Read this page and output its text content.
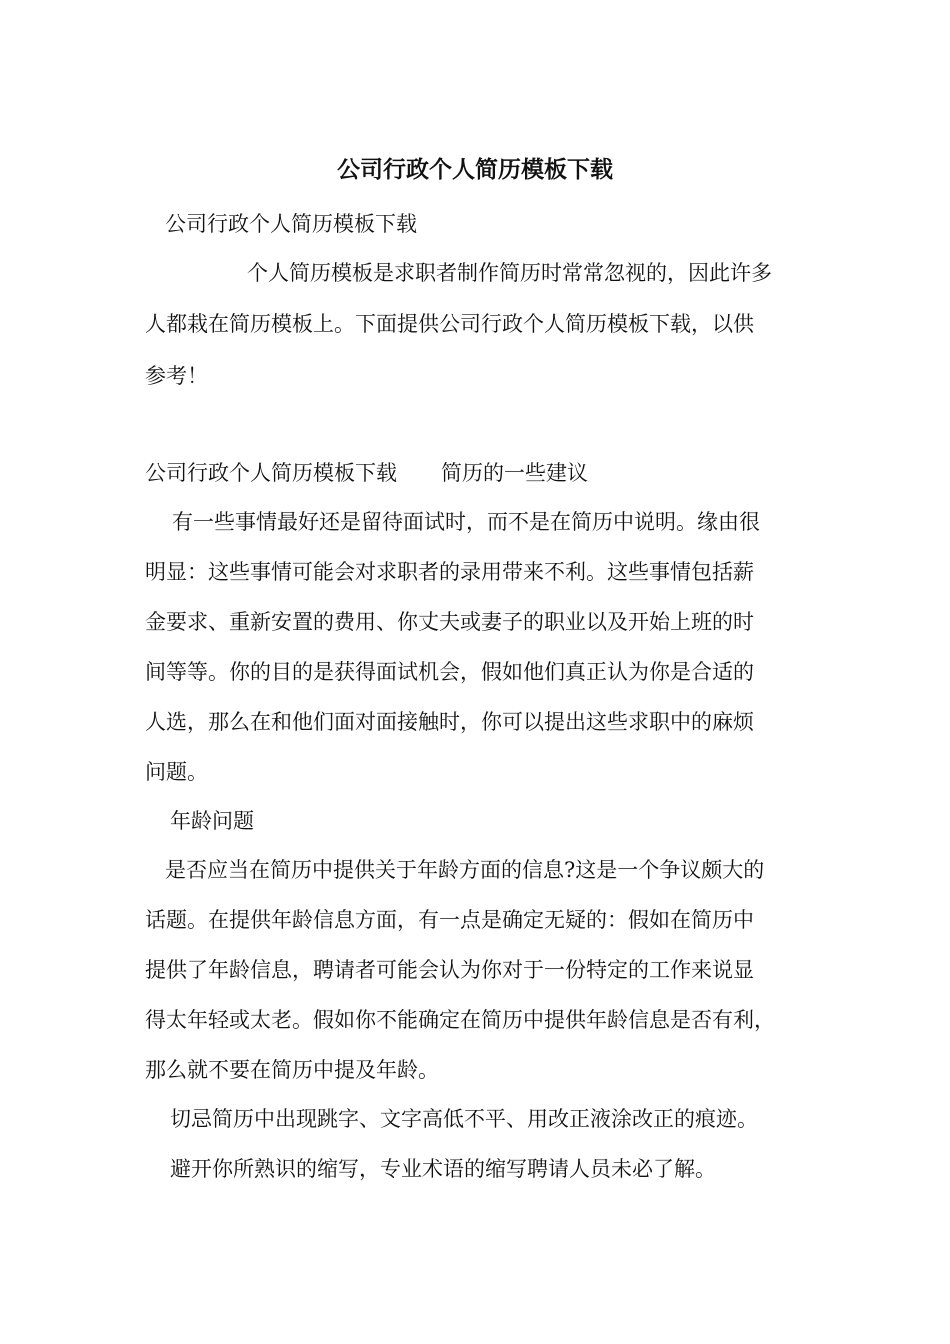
公司行政个人简历模板下载
公司行政个人简历模板下载
个人简历模板是求职者制作简历时常常忽视的，因此许多
人都栽在简历模板上。下面提供公司行政个人简历模板下载，以供
参考！
公司行政个人简历模板下载 简历的一些建议
有一些事情最好还是留待面试时，而不是在简历中说明。缘由很
明显：这些事情可能会对求职者的录用带来不利。这些事情包括薪
金要求、重新安置的费用、你丈夫或妻子的职业以及开始上班的时
间等等。你的目的是获得面试机会，假如他们真正认为你是合适的
人选，那么在和他们面对面接触时，你可以提出这些求职中的麻烦
问题。
年龄问题
是否应当在简历中提供关于年龄方面的信息?这是一个争议颇大的
话题。在提供年龄信息方面，有一点是确定无疑的：假如在简历中
提供了年龄信息，聘请者可能会认为你对于一份特定的工作来说显
得太年轻或太老。假如你不能确定在简历中提供年龄信息是否有利，
那么就不要在简历中提及年龄。
切忌简历中出现跳字、文字高低不平、用改正液涂改正的痕迹。
避开你所熟识的缩写，专业术语的缩写聘请人员未必了解。
